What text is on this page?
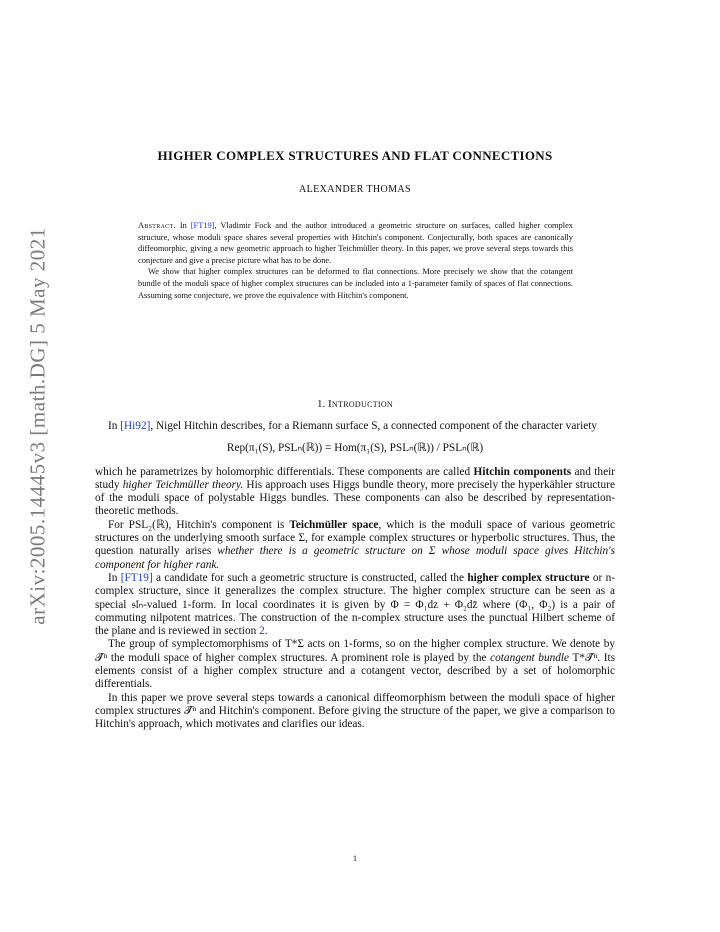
arXiv:2005.14445v3 [math.DG] 5 May 2021
HIGHER COMPLEX STRUCTURES AND FLAT CONNECTIONS
ALEXANDER THOMAS

Abstract. In [FT19], Vladimir Fock and the author introduced a geometric structure on surfaces, called higher complex structure, whose moduli space shares several properties with Hitchin's component. Conjecturally, both spaces are canonically diffeomorphic, giving a new geometric approach to higher Teichmüller theory. In this paper, we prove several steps towards this conjecture and give a precise picture what has to be done.

We show that higher complex structures can be deformed to flat connections. More precisely we show that the cotangent bundle of the moduli space of higher complex structures can be included into a 1-parameter family of spaces of flat connections. Assuming some conjecture, we prove the equivalence with Hitchin's component.

1. Introduction

In [Hi92], Nigel Hitchin describes, for a Riemann surface S, a connected component of the character variety

Rep(π₁(S), PSLₙ(ℝ)) = Hom(π₁(S), PSLₙ(ℝ)) / PSLₙ(ℝ)

which he parametrizes by holomorphic differentials. These components are called Hitchin components and their study higher Teichmüller theory. His approach uses Higgs bundle theory, more precisely the hyperkähler structure of the moduli space of polystable Higgs bundles. These components can also be described by representation-theoretic methods.

For PSL₂(ℝ), Hitchin's component is Teichmüller space, which is the moduli space of various geometric structures on the underlying smooth surface Σ, for example complex structures or hyperbolic structures. Thus, the question naturally arises whether there is a geometric structure on Σ whose moduli space gives Hitchin's component for higher rank.

In [FT19] a candidate for such a geometric structure is constructed, called the higher complex structure or n-complex structure, since it generalizes the complex structure. The higher complex structure can be seen as a special 𝔰𝔩ₙ-valued 1-form. In local coordinates it is given by Φ = Φ₁dz + Φ₂dz̄ where (Φ₁, Φ₂) is a pair of commuting nilpotent matrices. The construction of the n-complex structure uses the punctual Hilbert scheme of the plane and is reviewed in section 2.

The group of symplectomorphisms of T*Σ acts on 1-forms, so on the higher complex structure. We denote by 𝒯̂ⁿ the moduli space of higher complex structures. A prominent role is played by the cotangent bundle T*𝒯̂ⁿ. Its elements consist of a higher complex structure and a cotangent vector, described by a set of holomorphic differentials.

In this paper we prove several steps towards a canonical diffeomorphism between the moduli space of higher complex structures 𝒯̂ⁿ and Hitchin's component. Before giving the structure of the paper, we give a comparison to Hitchin's approach, which motivates and clarifies our ideas.

1
